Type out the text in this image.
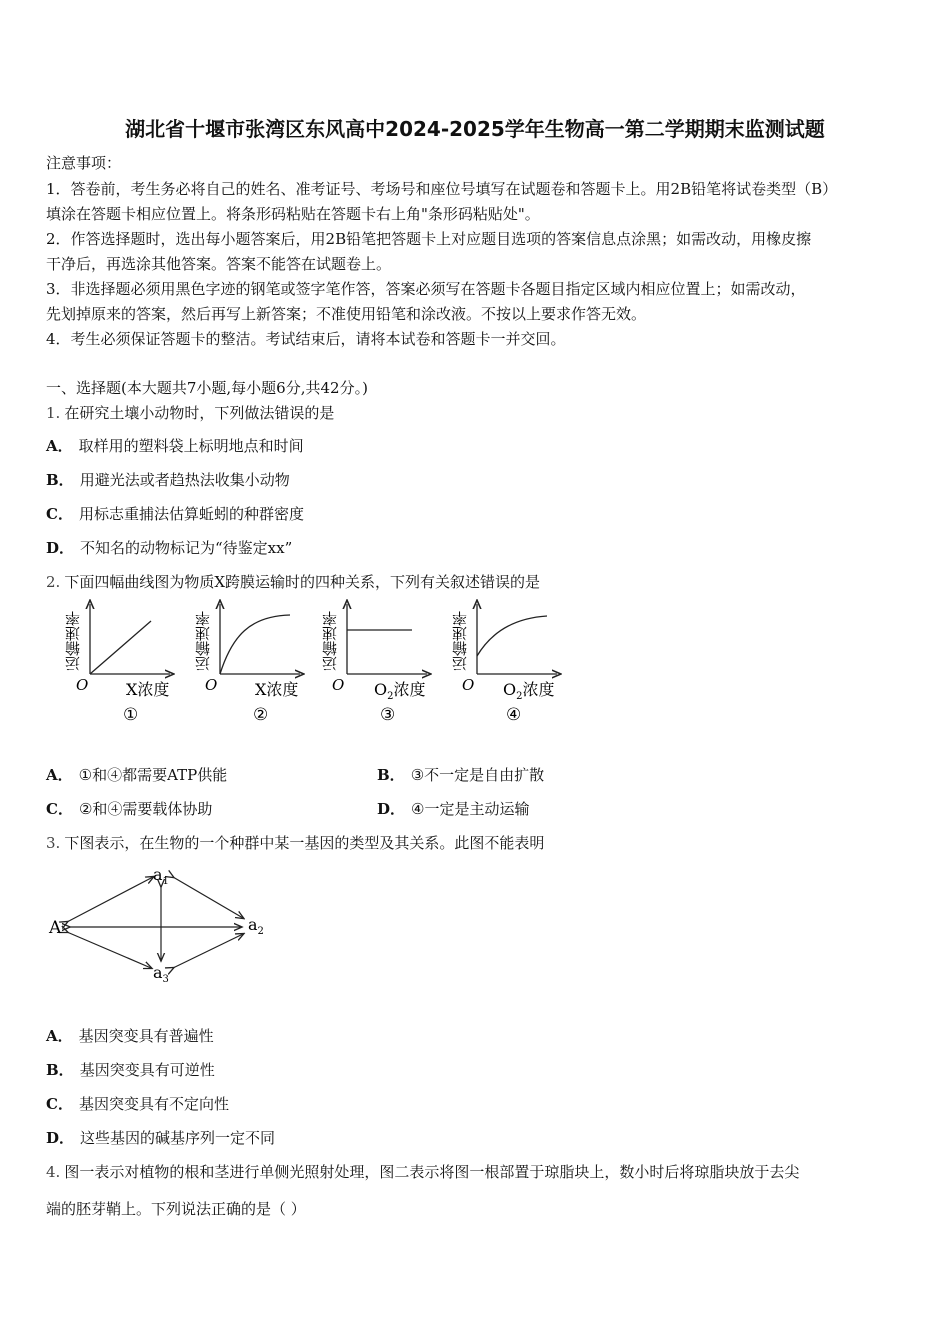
湖北省十堰市张湾区东风高中2024-2025学年生物高一第二学期期末监测试题
注意事项：
1．答卷前，考生务必将自己的姓名、准考证号、考场号和座位号填写在试题卷和答题卡上。用2B铅笔将试卷类型（B）
填涂在答题卡相应位置上。将条形码粘贴在答题卡右上角"条形码粘贴处"。
2．作答选择题时，选出每小题答案后，用2B铅笔把答题卡上对应题目选项的答案信息点涂黑；如需改动，用橡皮擦
干净后，再选涂其他答案。答案不能答在试题卷上。
3．非选择题必须用黑色字迹的钢笔或签字笔作答，答案必须写在答题卡各题目指定区域内相应位置上；如需改动，
先划掉原来的答案，然后再写上新答案；不准使用铅笔和涂改液。不按以上要求作答无效。
4．考生必须保证答题卡的整洁。考试结束后，请将本试卷和答题卡一并交回。
一、选择题(本大题共7小题,每小题6分,共42分。)
1. 在研究土壤小动物时，下列做法错误的是
A． 取样用的塑料袋上标明地点和时间
B． 用避光法或者趋热法收集小动物
C． 用标志重捕法估算蚯蚓的种群密度
D． 不知名的动物标记为“待鉴定xx”
2. 下面四幅曲线图为物质X跨膜运输时的四种关系，下列有关叙述错误的是
运输速率
O X浓度
①
运输速率
O X浓度
②
运输速率
O $O_2$浓度
③
运输速率
O $O_2$浓度
④
A． ①和④都需要ATP供能	B． ③不一定是自由扩散
C． ②和④需要载体协助	D． ④一定是主动运输
3. 下图表示，在生物的一个种群中某一基因的类型及其关系。此图不能表明
A
$a_1$
$a_2$
$a_3$
A． 基因突变具有普遍性
B． 基因突变具有可逆性
C． 基因突变具有不定向性
D． 这些基因的碱基序列一定不同
4. 图一表示对植物的根和茎进行单侧光照射处理，图二表示将图一根部置于琼脂块上，数小时后将琼脂块放于去尖
端的胚芽鞘上。下列说法正确的是（ ）
